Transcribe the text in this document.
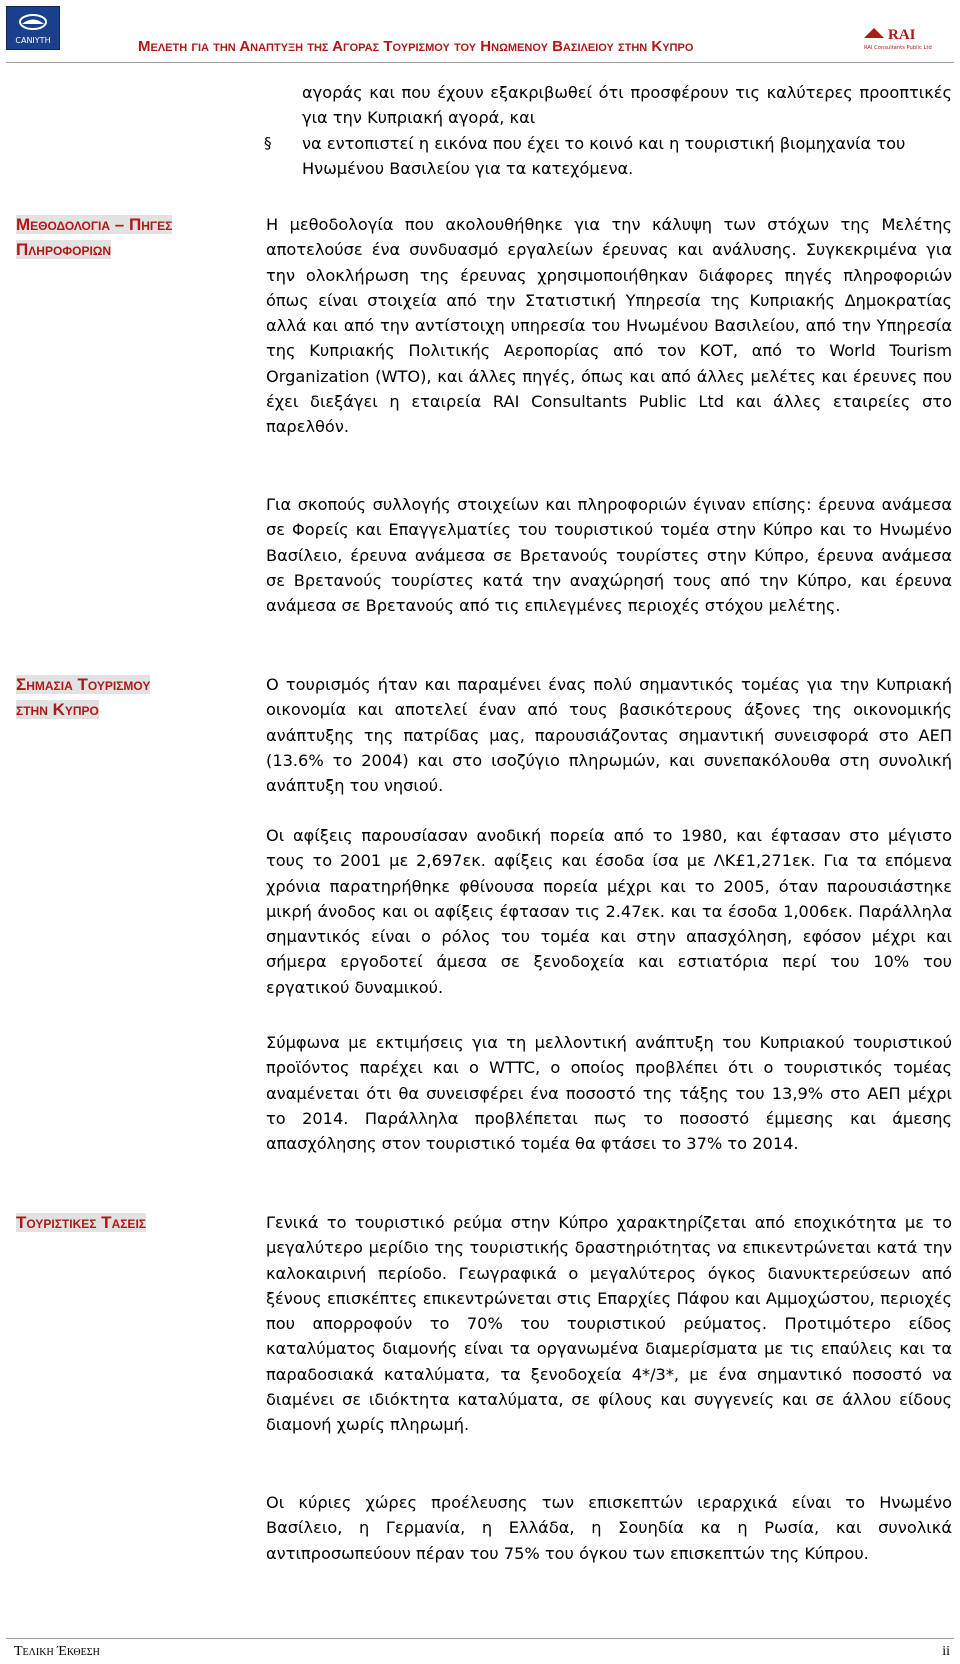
CANIYTH	Μελετη για την Αναπτυξη της Αγορας Τουρισμου του Ηνωμενου Βασιλειου στην Κυπρο
RAI
RAI Consultants Public Ltd

αγοράς και που έχουν εξακριβωθεί ότι προσφέρουν τις καλύτερες προοπτικές για την Κυπριακή αγορά, και

§ να εντοπιστεί η εικόνα που έχει το κοινό και η τουριστική βιομηχανία του Ηνωμένου Βασιλείου για τα κατεχόμενα.

Μεθοδολογια – Πηγες
Πληροφοριων

Η μεθοδολογία που ακολουθήθηκε για την κάλυψη των στόχων της Μελέτης αποτελούσε ένα συνδυασμό εργαλείων έρευνας και ανάλυσης. Συγκεκριμένα για την ολοκλήρωση της έρευνας χρησιμοποιήθηκαν διάφορες πηγές πληροφοριών όπως είναι στοιχεία από την Στατιστική Υπηρεσία της Κυπριακής Δημοκρατίας αλλά και από την αντίστοιχη υπηρεσία του Ηνωμένου Βασιλείου, από την Υπηρεσία της Κυπριακής Πολιτικής Αεροπορίας από τον ΚΟΤ, από το World Tourism Organization (WTO), και άλλες πηγές, όπως και από άλλες μελέτες και έρευνες που έχει διεξάγει η εταιρεία RAI Consultants Public Ltd και άλλες εταιρείες στο παρελθόν.

Για σκοπούς συλλογής στοιχείων και πληροφοριών έγιναν επίσης: έρευνα ανάμεσα σε Φορείς και Επαγγελματίες του τουριστικού τομέα στην Κύπρο και το Ηνωμένο Βασίλειο, έρευνα ανάμεσα σε Βρετανούς τουρίστες στην Κύπρο, έρευνα ανάμεσα σε Βρετανούς τουρίστες κατά την αναχώρησή τους από την Κύπρο, και έρευνα ανάμεσα σε Βρετανούς από τις επιλεγμένες περιοχές στόχου μελέτης.

Σημασια Τουρισμου
στην Κυπρο

Ο τουρισμός ήταν και παραμένει ένας πολύ σημαντικός τομέας για την Κυπριακή οικονομία και αποτελεί έναν από τους βασικότερους άξονες της οικονομικής ανάπτυξης της πατρίδας μας, παρουσιάζοντας σημαντική συνεισφορά στο ΑΕΠ (13.6% το 2004) και στο ισοζύγιο πληρωμών, και συνεπακόλουθα στη συνολική ανάπτυξη του νησιού.

Οι αφίξεις παρουσίασαν ανοδική πορεία από το 1980, και έφτασαν στο μέγιστο τους το 2001 με 2,697εκ. αφίξεις και έσοδα ίσα με ΛΚ£1,271εκ. Για τα επόμενα χρόνια παρατηρήθηκε φθίνουσα πορεία μέχρι και το 2005, όταν παρουσιάστηκε μικρή άνοδος και οι αφίξεις έφτασαν τις 2.47εκ. και τα έσοδα 1,006εκ. Παράλληλα σημαντικός είναι ο ρόλος του τομέα και στην απασχόληση, εφόσον μέχρι και σήμερα εργοδοτεί άμεσα σε ξενοδοχεία και εστιατόρια περί του 10% του εργατικού δυναμικού.

Σύμφωνα με εκτιμήσεις για τη μελλοντική ανάπτυξη του Κυπριακού τουριστικού προϊόντος παρέχει και ο WTTC, ο οποίος προβλέπει ότι ο τουριστικός τομέας αναμένεται ότι θα συνεισφέρει ένα ποσοστό της τάξης του 13,9% στο ΑΕΠ μέχρι το 2014. Παράλληλα προβλέπεται πως το ποσοστό έμμεσης και άμεσης απασχόλησης στον τουριστικό τομέα θα φτάσει το 37% το 2014.

Τουριστικες Τασεις	Γενικά το τουριστικό ρεύμα στην Κύπρο χαρακτηρίζεται από εποχικότητα με το μεγαλύτερο μερίδιο της τουριστικής δραστηριότητας να επικεντρώνεται κατά την καλοκαιρινή περίοδο. Γεωγραφικά ο μεγαλύτερος όγκος διανυκτερεύσεων από ξένους επισκέπτες επικεντρώνεται στις Επαρχίες Πάφου και Αμμοχώστου, περιοχές που απορροφούν το 70% του τουριστικού ρεύματος. Προτιμότερο είδος καταλύματος διαμονής είναι τα οργανωμένα διαμερίσματα με τις επαύλεις και τα παραδοσιακά καταλύματα, τα ξενοδοχεία 4*/3*, με ένα σημαντικό ποσοστό να διαμένει σε ιδιόκτητα καταλύματα, σε φίλους και συγγενείς και σε άλλου είδους διαμονή χωρίς πληρωμή.

Οι κύριες χώρες προέλευσης των επισκεπτών ιεραρχικά είναι το Ηνωμένο Βασίλειο, η Γερμανία, η Ελλάδα, η Σουηδία κα η Ρωσία, και συνολικά αντιπροσωπεύουν πέραν του 75% του όγκου των επισκεπτών της Κύπρου.

Τελικη Έκθεση	ii
